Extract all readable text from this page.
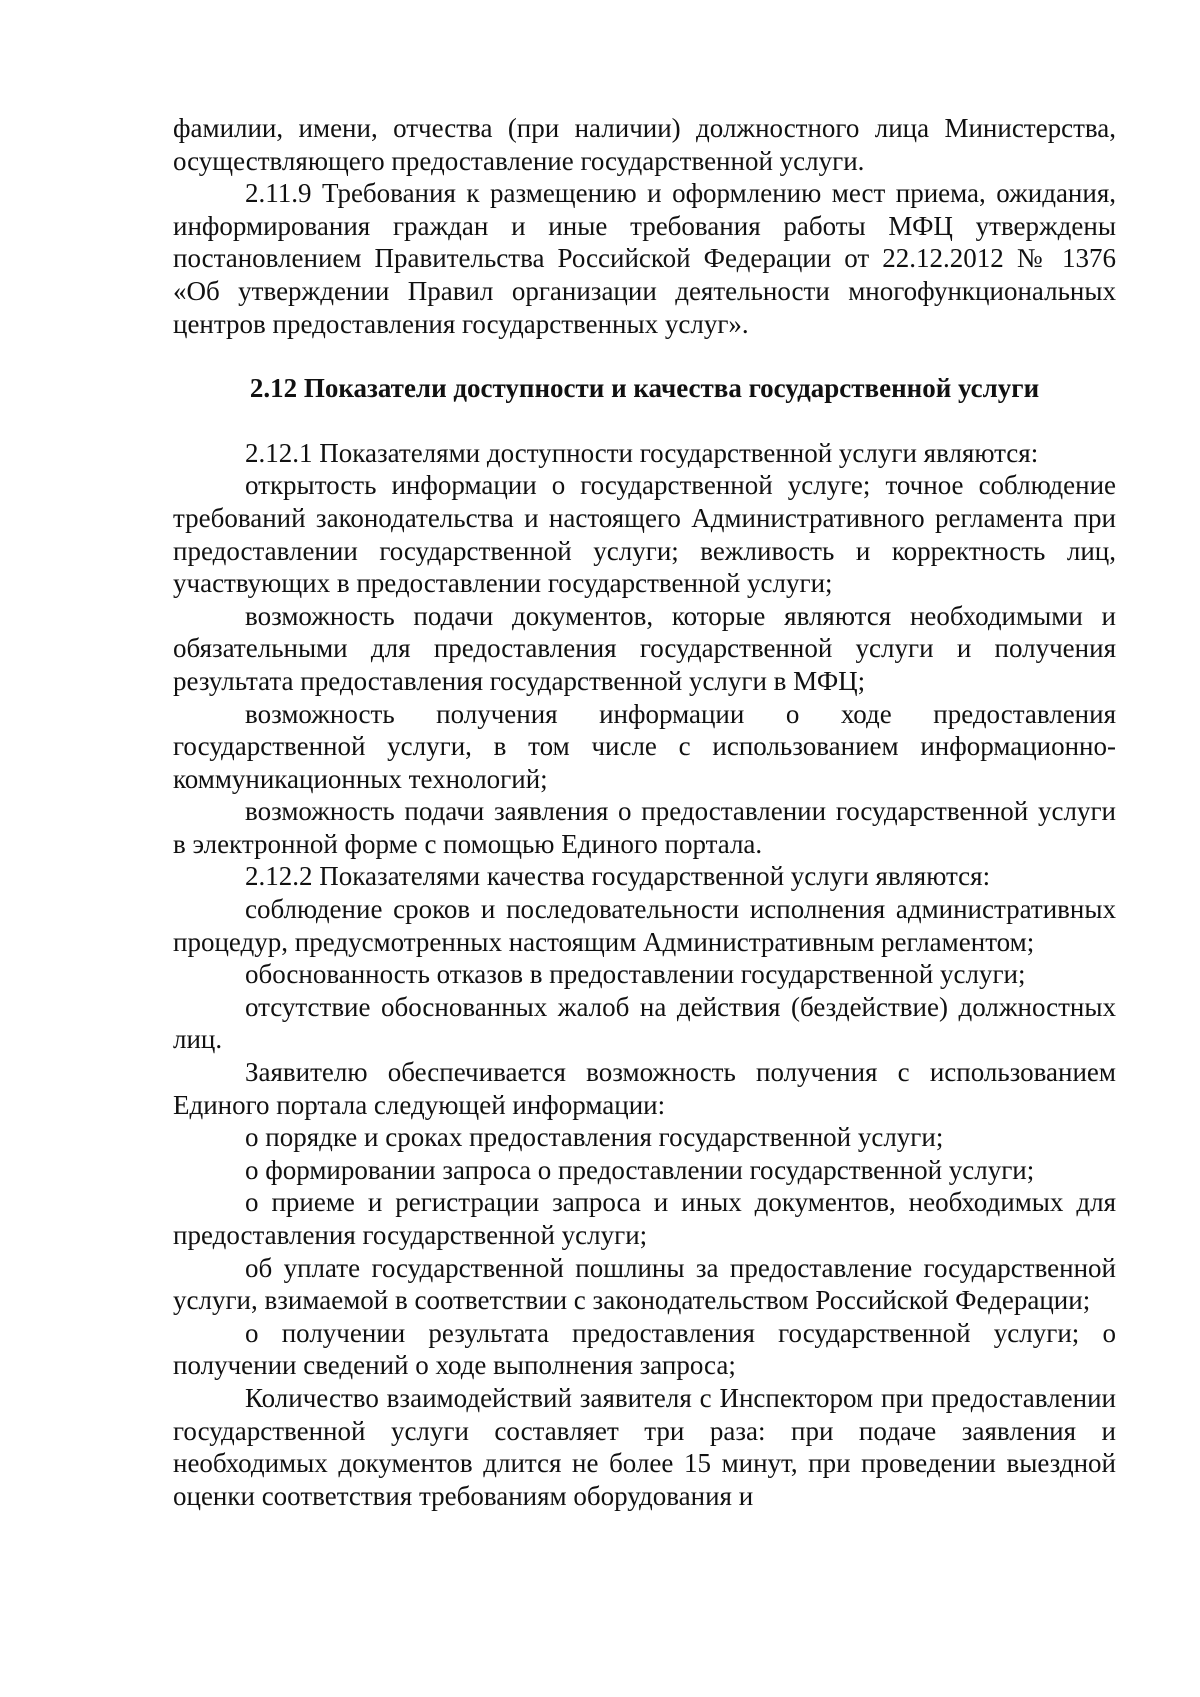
фамилии, имени, отчества (при наличии) должностного лица Министерства, осуществляющего предоставление государственной услуги.

2.11.9 Требования к размещению и оформлению мест приема, ожидания, информирования граждан и иные требования работы МФЦ утверждены постановлением Правительства Российской Федерации от 22.12.2012 № 1376 «Об утверждении Правил организации деятельности многофункциональных центров предоставления государственных услуг».

2.12 Показатели доступности и качества государственной услуги

2.12.1 Показателями доступности государственной услуги являются:

открытость информации о государственной услуге; точное соблюдение требований законодательства и настоящего Административного регламента при предоставлении государственной услуги; вежливость и корректность лиц, участвующих в предоставлении государственной услуги;

возможность подачи документов, которые являются необходимыми и обязательными для предоставления государственной услуги и получения результата предоставления государственной услуги в МФЦ;

возможность получения информации о ходе предоставления государственной услуги, в том числе с использованием информационно-коммуникационных технологий;

возможность подачи заявления о предоставлении государственной услуги в электронной форме с помощью Единого портала.

2.12.2 Показателями качества государственной услуги являются:

соблюдение сроков и последовательности исполнения административных процедур, предусмотренных настоящим Административным регламентом;

обоснованность отказов в предоставлении государственной услуги;

отсутствие обоснованных жалоб на действия (бездействие) должностных лиц.

Заявителю обеспечивается возможность получения с использованием Единого портала следующей информации:

о порядке и сроках предоставления государственной услуги;

о формировании запроса о предоставлении государственной услуги;

о приеме и регистрации запроса и иных документов, необходимых для предоставления государственной услуги;

об уплате государственной пошлины за предоставление государственной услуги, взимаемой в соответствии с законодательством Российской Федерации;

о получении результата предоставления государственной услуги; о получении сведений о ходе выполнения запроса;

Количество взаимодействий заявителя с Инспектором при предоставлении государственной услуги составляет три раза: при подаче заявления и необходимых документов длится не более 15 минут, при проведении выездной оценки соответствия требованиям оборудования и
